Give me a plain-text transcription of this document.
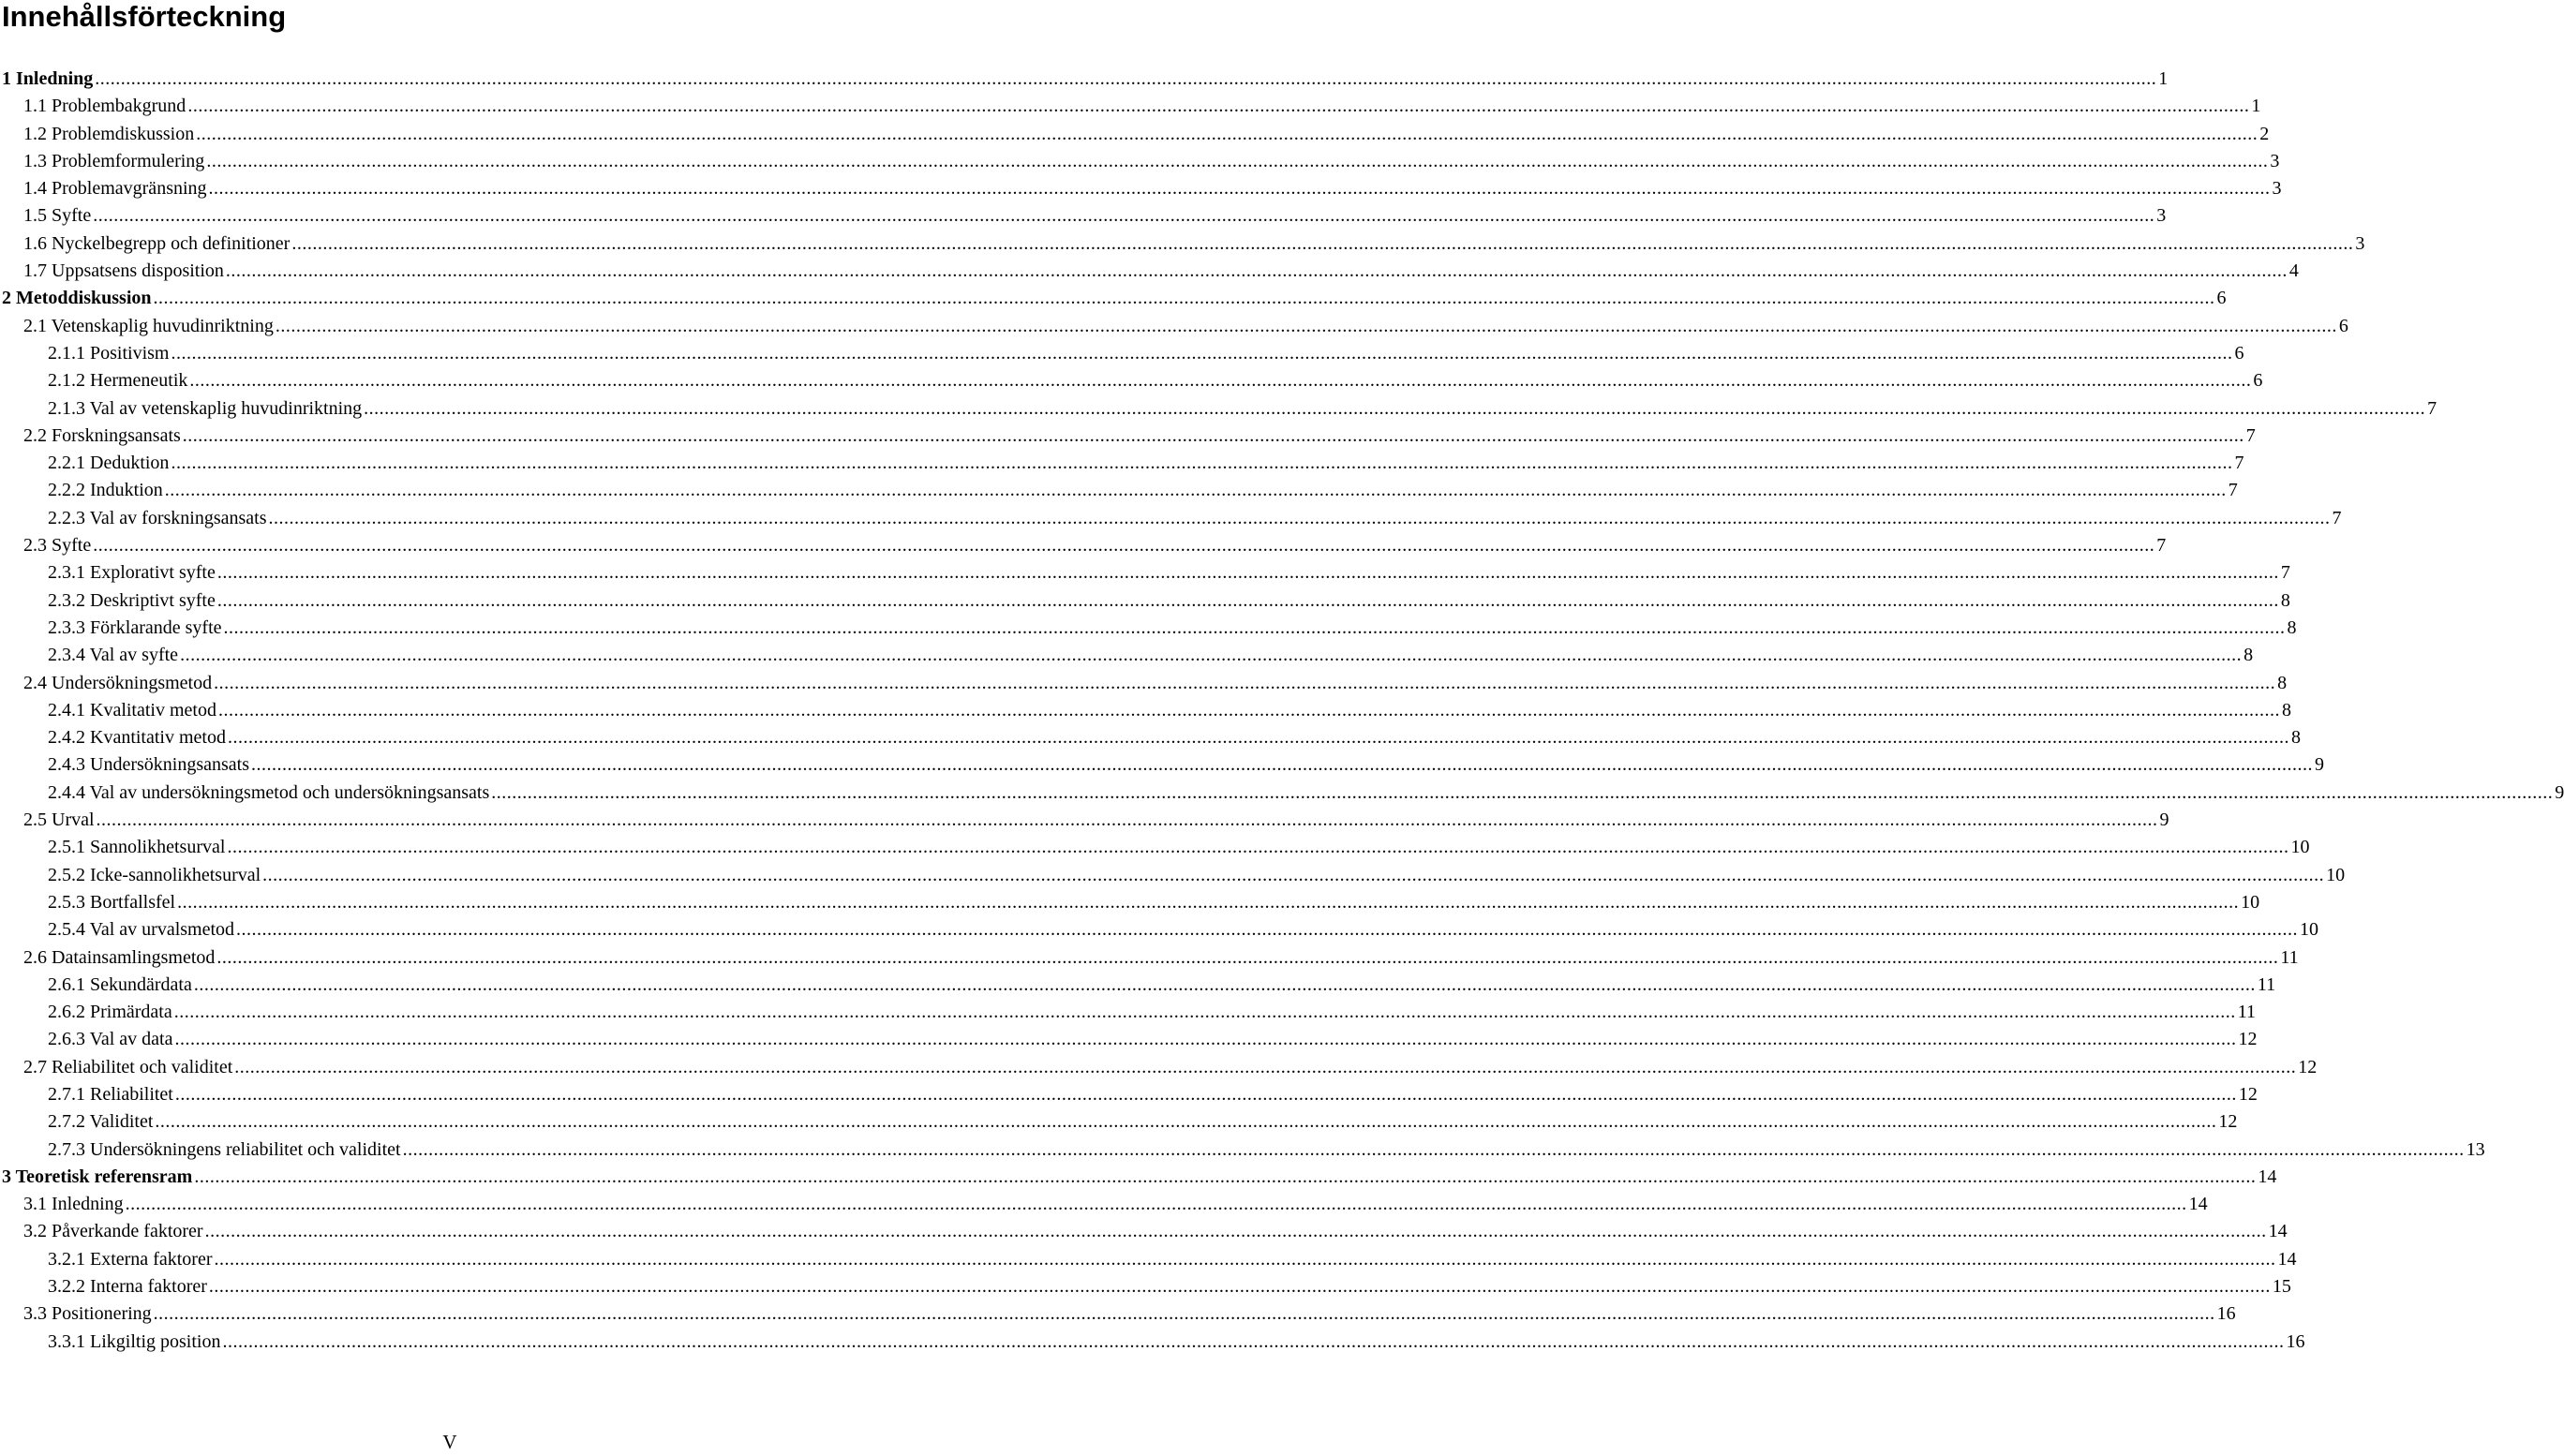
Innehållsförteckning
1 Inledning ................................................................................................................................................................................................................................................................................................................................................................................................................ 1
1.1 Problembakgrund ................................................................................................................................................................................................................................................................................................................................................................................................................ 1
1.2 Problemdiskussion ................................................................................................................................................................................................................................................................................................................................................................................................................ 2
1.3 Problemformulering ................................................................................................................................................................................................................................................................................................................................................................................................................ 3
1.4 Problemavgränsning ................................................................................................................................................................................................................................................................................................................................................................................................................ 3
1.5 Syfte ................................................................................................................................................................................................................................................................................................................................................................................................................ 3
1.6 Nyckelbegrepp och definitioner ................................................................................................................................................................................................................................................................................................................................................................................................................ 3
1.7 Uppsatsens disposition ................................................................................................................................................................................................................................................................................................................................................................................................................ 4
2 Metoddiskussion ................................................................................................................................................................................................................................................................................................................................................................................................................ 6
2.1 Vetenskaplig huvudinriktning ................................................................................................................................................................................................................................................................................................................................................................................................................ 6
2.1.1 Positivism ................................................................................................................................................................................................................................................................................................................................................................................................................ 6
2.1.2 Hermeneutik ................................................................................................................................................................................................................................................................................................................................................................................................................ 6
2.1.3 Val av vetenskaplig huvudinriktning ................................................................................................................................................................................................................................................................................................................................................................................................................ 7
2.2 Forskningsansats ................................................................................................................................................................................................................................................................................................................................................................................................................ 7
2.2.1 Deduktion ................................................................................................................................................................................................................................................................................................................................................................................................................ 7
2.2.2 Induktion ................................................................................................................................................................................................................................................................................................................................................................................................................ 7
2.2.3 Val av forskningsansats ................................................................................................................................................................................................................................................................................................................................................................................................................ 7
2.3 Syfte ................................................................................................................................................................................................................................................................................................................................................................................................................ 7
2.3.1 Explorativt syfte ................................................................................................................................................................................................................................................................................................................................................................................................................ 7
2.3.2 Deskriptivt syfte ................................................................................................................................................................................................................................................................................................................................................................................................................ 8
2.3.3 Förklarande syfte ................................................................................................................................................................................................................................................................................................................................................................................................................ 8
2.3.4 Val av syfte ................................................................................................................................................................................................................................................................................................................................................................................................................ 8
2.4 Undersökningsmetod ................................................................................................................................................................................................................................................................................................................................................................................................................ 8
2.4.1 Kvalitativ metod ................................................................................................................................................................................................................................................................................................................................................................................................................ 8
2.4.2 Kvantitativ metod ................................................................................................................................................................................................................................................................................................................................................................................................................ 8
2.4.3 Undersökningsansats ................................................................................................................................................................................................................................................................................................................................................................................................................ 9
2.4.4 Val av undersökningsmetod och undersökningsansats ................................................................................................................................................................................................................................................................................................................................................................................................................ 9
2.5 Urval ................................................................................................................................................................................................................................................................................................................................................................................................................ 9
2.5.1 Sannolikhetsurval ................................................................................................................................................................................................................................................................................................................................................................................................................ 10
2.5.2 Icke-sannolikhetsurval ................................................................................................................................................................................................................................................................................................................................................................................................................ 10
2.5.3 Bortfallsfel ................................................................................................................................................................................................................................................................................................................................................................................................................ 10
2.5.4 Val av urvalsmetod ................................................................................................................................................................................................................................................................................................................................................................................................................ 10
2.6 Datainsamlingsmetod ................................................................................................................................................................................................................................................................................................................................................................................................................ 11
2.6.1 Sekundärdata ................................................................................................................................................................................................................................................................................................................................................................................................................ 11
2.6.2 Primärdata ................................................................................................................................................................................................................................................................................................................................................................................................................ 11
2.6.3 Val av data ................................................................................................................................................................................................................................................................................................................................................................................................................ 12
2.7 Reliabilitet och validitet ................................................................................................................................................................................................................................................................................................................................................................................................................ 12
2.7.1 Reliabilitet ................................................................................................................................................................................................................................................................................................................................................................................................................ 12
2.7.2 Validitet ................................................................................................................................................................................................................................................................................................................................................................................................................ 12
2.7.3 Undersökningens reliabilitet och validitet ................................................................................................................................................................................................................................................................................................................................................................................................................ 13
3 Teoretisk referensram ................................................................................................................................................................................................................................................................................................................................................................................................................ 14
3.1 Inledning ................................................................................................................................................................................................................................................................................................................................................................................................................ 14
3.2 Påverkande faktorer ................................................................................................................................................................................................................................................................................................................................................................................................................ 14
3.2.1 Externa faktorer ................................................................................................................................................................................................................................................................................................................................................................................................................ 14
3.2.2 Interna faktorer ................................................................................................................................................................................................................................................................................................................................................................................................................ 15
3.3 Positionering ................................................................................................................................................................................................................................................................................................................................................................................................................ 16
3.3.1 Likgiltig position ................................................................................................................................................................................................................................................................................................................................................................................................................ 16
V
